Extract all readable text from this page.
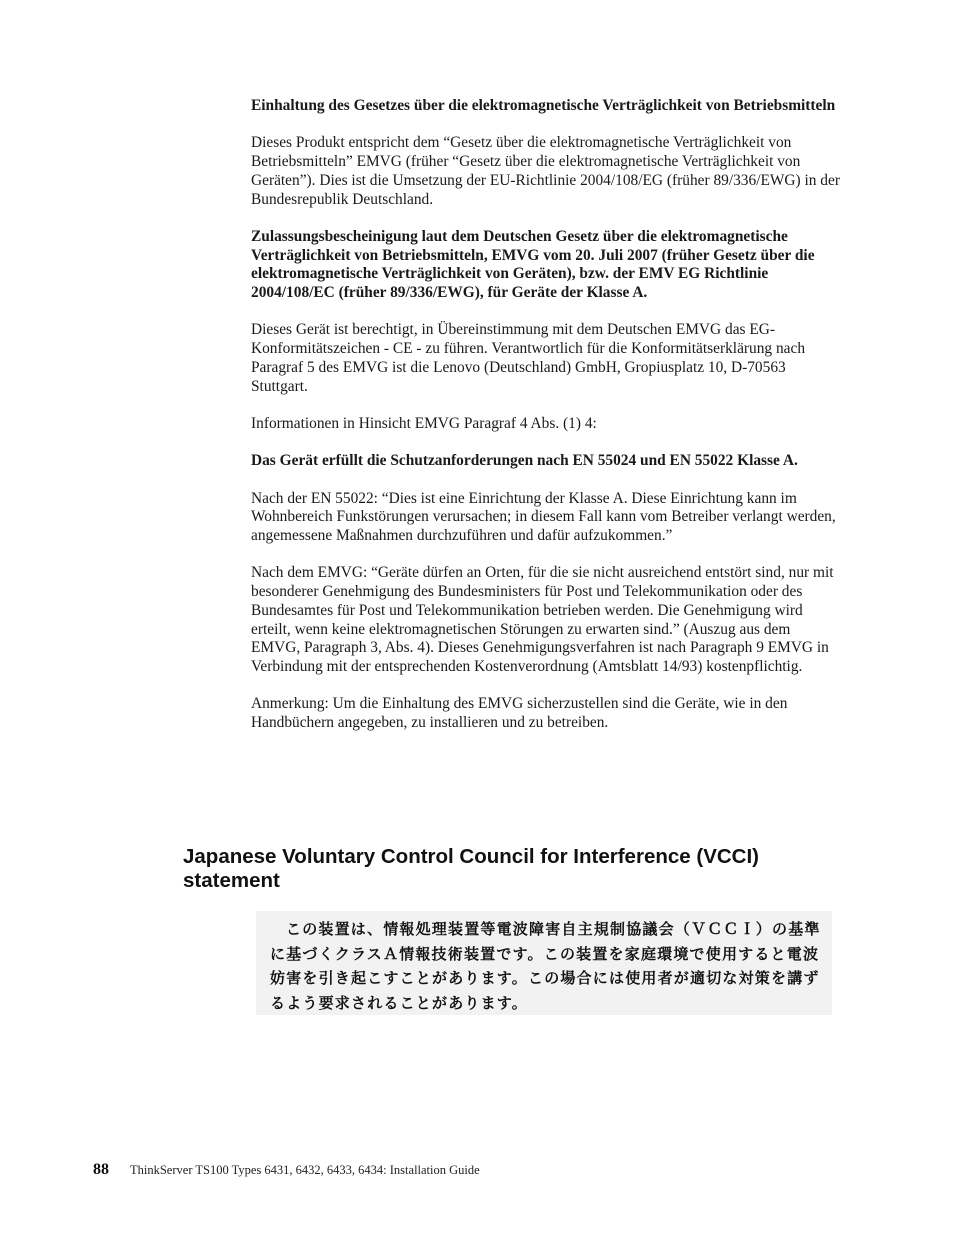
Einhaltung des Gesetzes über die elektromagnetische Verträglichkeit von Betriebsmitteln

Dieses Produkt entspricht dem “Gesetz über die elektromagnetische Verträglichkeit von Betriebsmitteln” EMVG (früher “Gesetz über die elektromagnetische Verträglichkeit von Geräten”). Dies ist die Umsetzung der EU-Richtlinie 2004/108/EG (früher 89/336/EWG) in der Bundesrepublik Deutschland.

Zulassungsbescheinigung laut dem Deutschen Gesetz über die elektromagnetische Verträglichkeit von Betriebsmitteln, EMVG vom 20. Juli 2007 (früher Gesetz über die elektromagnetische Verträglichkeit von Geräten), bzw. der EMV EG Richtlinie 2004/108/EC (früher 89/336/EWG), für Geräte der Klasse A.

Dieses Gerät ist berechtigt, in Übereinstimmung mit dem Deutschen EMVG das EG-Konformitätszeichen - CE - zu führen. Verantwortlich für die Konformitätserklärung nach Paragraf 5 des EMVG ist die Lenovo (Deutschland) GmbH, Gropiusplatz 10, D-70563 Stuttgart.

Informationen in Hinsicht EMVG Paragraf 4 Abs. (1) 4:

Das Gerät erfüllt die Schutzanforderungen nach EN 55024 und EN 55022 Klasse A.

Nach der EN 55022: “Dies ist eine Einrichtung der Klasse A. Diese Einrichtung kann im Wohnbereich Funkstörungen verursachen; in diesem Fall kann vom Betreiber verlangt werden, angemessene Maßnahmen durchzuführen und dafür aufzukommen.”

Nach dem EMVG: “Geräte dürfen an Orten, für die sie nicht ausreichend entstört sind, nur mit besonderer Genehmigung des Bundesministers für Post und Telekommunikation oder des Bundesamtes für Post und Telekommunikation betrieben werden. Die Genehmigung wird erteilt, wenn keine elektromagnetischen Störungen zu erwarten sind.” (Auszug aus dem EMVG, Paragraph 3, Abs. 4). Dieses Genehmigungsverfahren ist nach Paragraph 9 EMVG in Verbindung mit der entsprechenden Kostenverordnung (Amtsblatt 14/93) kostenpflichtig.

Anmerkung: Um die Einhaltung des EMVG sicherzustellen sind die Geräte, wie in den Handbüchern angegeben, zu installieren und zu betreiben.

Japanese Voluntary Control Council for Interference (VCCI) statement
この装置は、情報処理装置等電波障害自主規制協議会（ＶＣＣＩ）の基準
に基づくクラスＡ情報技術装置です。この装置を家庭環境で使用すると電波
妨害を引き起こすことがあります。この場合には使用者が適切な対策を講ず
るよう要求されることがあります。
88 ThinkServer TS100 Types 6431, 6432, 6433, 6434: Installation Guide
